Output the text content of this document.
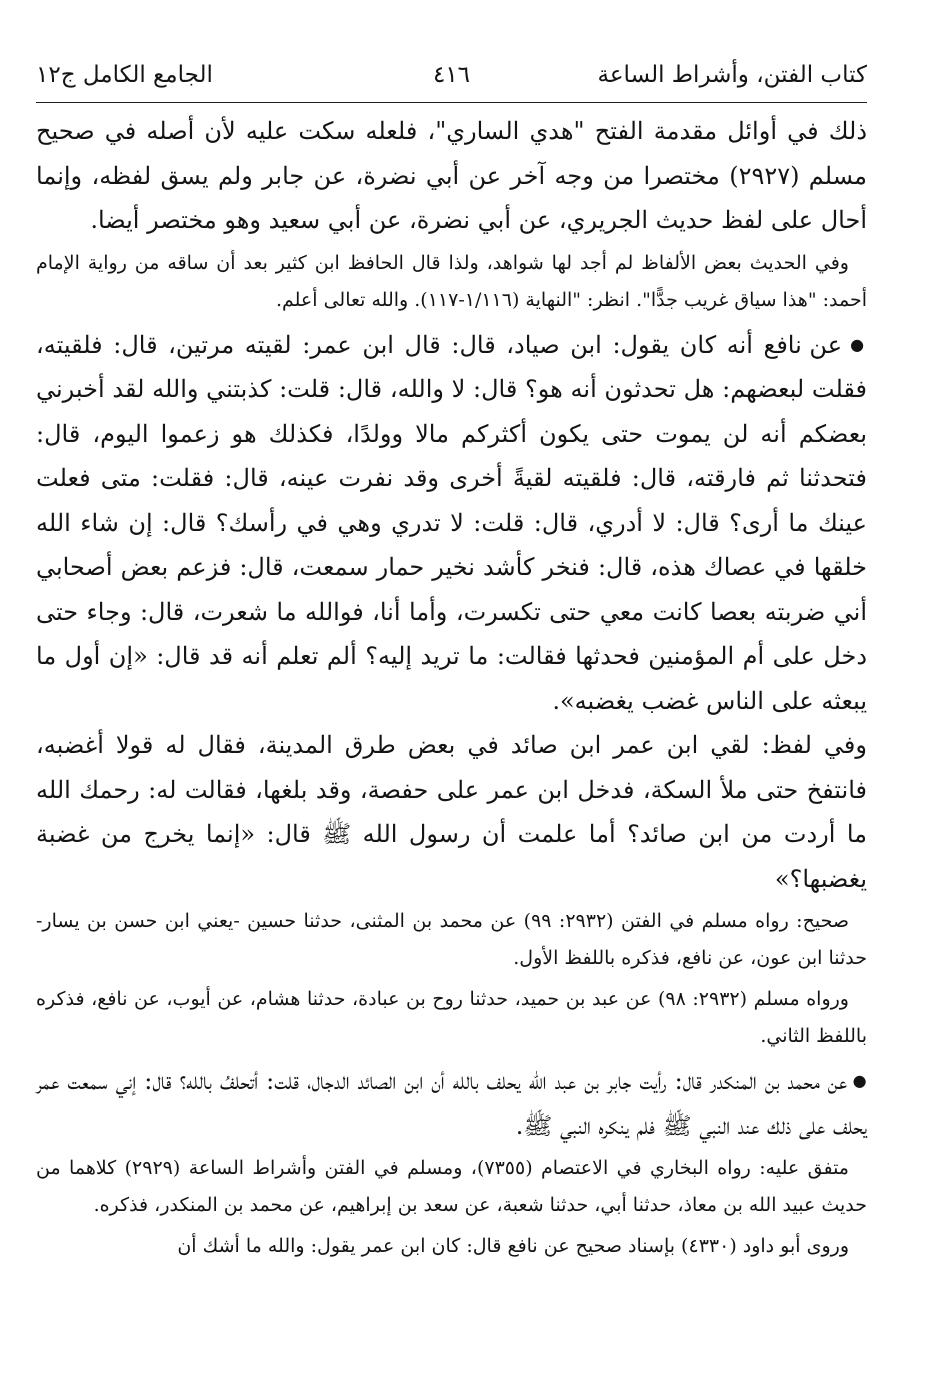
كتاب الفتن، وأشراط الساعة
٤١٦
الجامع الكامل ج١٢

ذلك في أوائل مقدمة الفتح "هدي الساري"، فلعله سكت عليه لأن أصله في صحيح مسلم (٢٩٢٧) مختصرا من وجه آخر عن أبي نضرة، عن جابر ولم يسق لفظه، وإنما أحال على لفظ حديث الجريري، عن أبي نضرة، عن أبي سعيد وهو مختصر أيضا.

وفي الحديث بعض الألفاظ لم أجد لها شواهد، ولذا قال الحافظ ابن كثير بعد أن ساقه من رواية الإمام أحمد: "هذا سياق غريب جدًّا". انظر: "النهاية (١/١١٦-١١٧). والله تعالى أعلم.

● عن نافع أنه كان يقول: ابن صياد، قال: قال ابن عمر: لقيته مرتين، قال: فلقيته، فقلت لبعضهم: هل تحدثون أنه هو؟ قال: لا والله، قال: قلت: كذبتني والله لقد أخبرني بعضكم أنه لن يموت حتى يكون أكثركم مالا وولدًا، فكذلك هو زعموا اليوم، قال: فتحدثنا ثم فارقته، قال: فلقيته لقيةً أخرى وقد نفرت عينه، قال: فقلت: متى فعلت عينك ما أرى؟ قال: لا أدري، قال: قلت: لا تدري وهي في رأسك؟ قال: إن شاء الله خلقها في عصاك هذه، قال: فنخر كأشد نخير حمار سمعت، قال: فزعم بعض أصحابي أني ضربته بعصا كانت معي حتى تكسرت، وأما أنا، فوالله ما شعرت، قال: وجاء حتى دخل على أم المؤمنين فحدثها فقالت: ما تريد إليه؟ ألم تعلم أنه قد قال: «إن أول ما يبعثه على الناس غضب يغضبه».

وفي لفظ: لقي ابن عمر ابن صائد في بعض طرق المدينة، فقال له قولا أغضبه، فانتفخ حتى ملأ السكة، فدخل ابن عمر على حفصة، وقد بلغها، فقالت له: رحمك الله ما أردت من ابن صائد؟ أما علمت أن رسول الله ﷺ قال: «إنما يخرج من غضبة يغضبها؟»

صحيح: رواه مسلم في الفتن (٢٩٣٢: ٩٩) عن محمد بن المثنى، حدثنا حسين -يعني ابن حسن بن يسار- حدثنا ابن عون، عن نافع، فذكره باللفظ الأول.

ورواه مسلم (٢٩٣٢: ٩٨) عن عبد بن حميد، حدثنا روح بن عبادة، حدثنا هشام، عن أيوب، عن نافع، فذكره باللفظ الثاني.

● عن محمد بن المنكدر قال: رأيت جابر بن عبد الله يحلف بالله أن ابن الصائد الدجال، قلت: أتحلفُ بالله؟ قال: إني سمعت عمر يحلف على ذلك عند النبي ﷺ فلم ينكره النبي ﷺ.

متفق عليه: رواه البخاري في الاعتصام (٧٣٥٥)، ومسلم في الفتن وأشراط الساعة (٢٩٢٩) كلاهما من حديث عبيد الله بن معاذ، حدثنا أبي، حدثنا شعبة، عن سعد بن إبراهيم، عن محمد بن المنكدر، فذكره.

وروى أبو داود (٤٣٣٠) بإسناد صحيح عن نافع قال: كان ابن عمر يقول: والله ما أشك أن
